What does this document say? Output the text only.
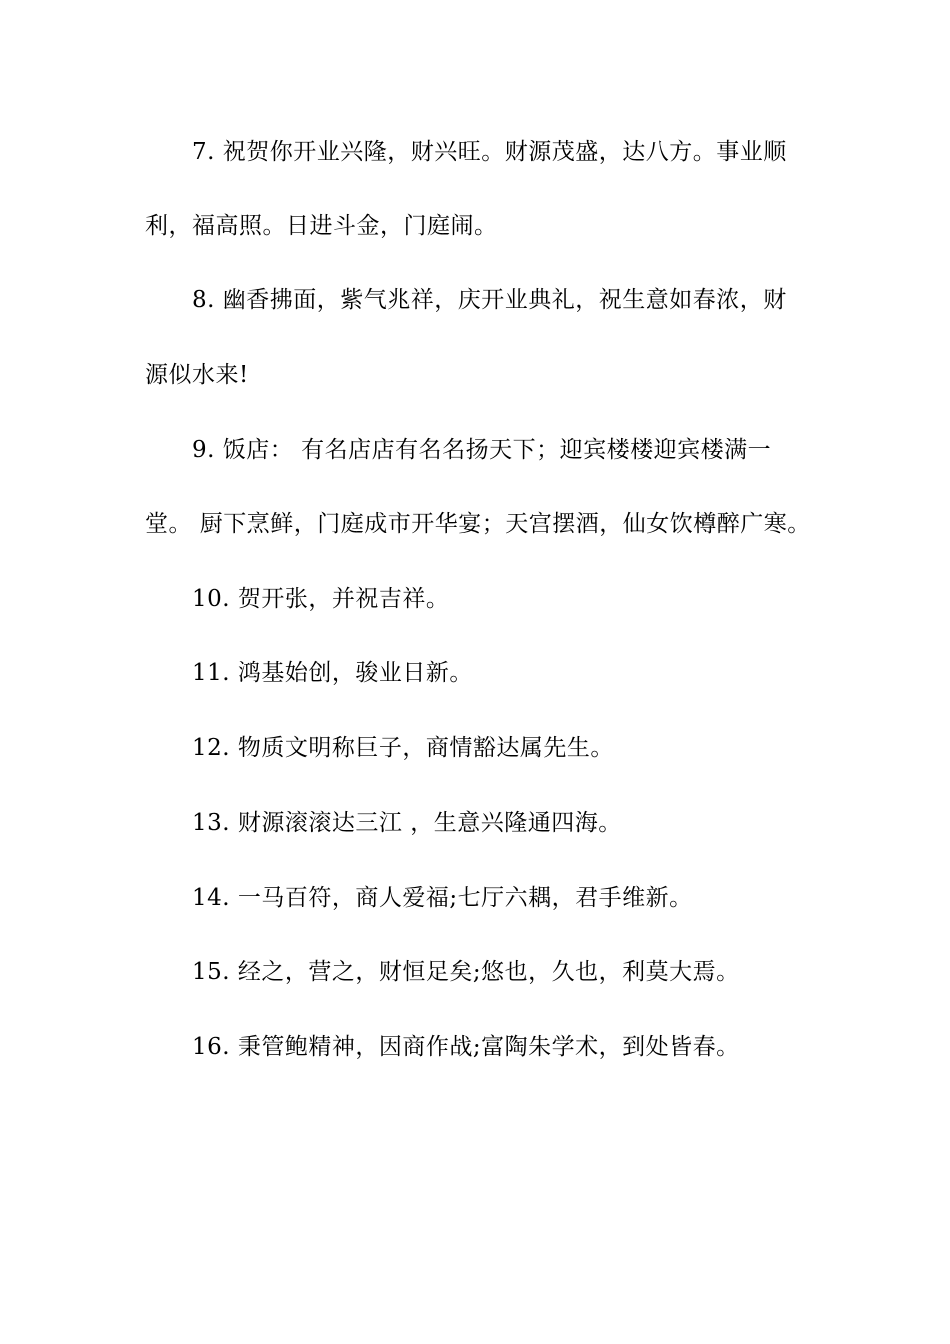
7. 祝贺你开业兴隆，财兴旺。财源茂盛，达八方。事业顺
利，福高照。日进斗金，门庭闹。
8. 幽香拂面，紫气兆祥，庆开业典礼，祝生意如春浓，财
源似水来!
9. 饭店： 有名店店有名名扬天下；迎宾楼楼迎宾楼满一
堂。 厨下烹鲜，门庭成市开华宴；天宫摆酒，仙女饮樽醉广寒。
10. 贺开张，并祝吉祥。
11. 鸿基始创，骏业日新。
12. 物质文明称巨子，商情豁达属先生。
13. 财源滚滚达三江 ，生意兴隆通四海。
14. 一马百符，商人爱福;七厅六耦，君手维新。
15. 经之，营之，财恒足矣;悠也，久也，利莫大焉。
16. 秉管鲍精神，因商作战;富陶朱学术，到处皆春。
